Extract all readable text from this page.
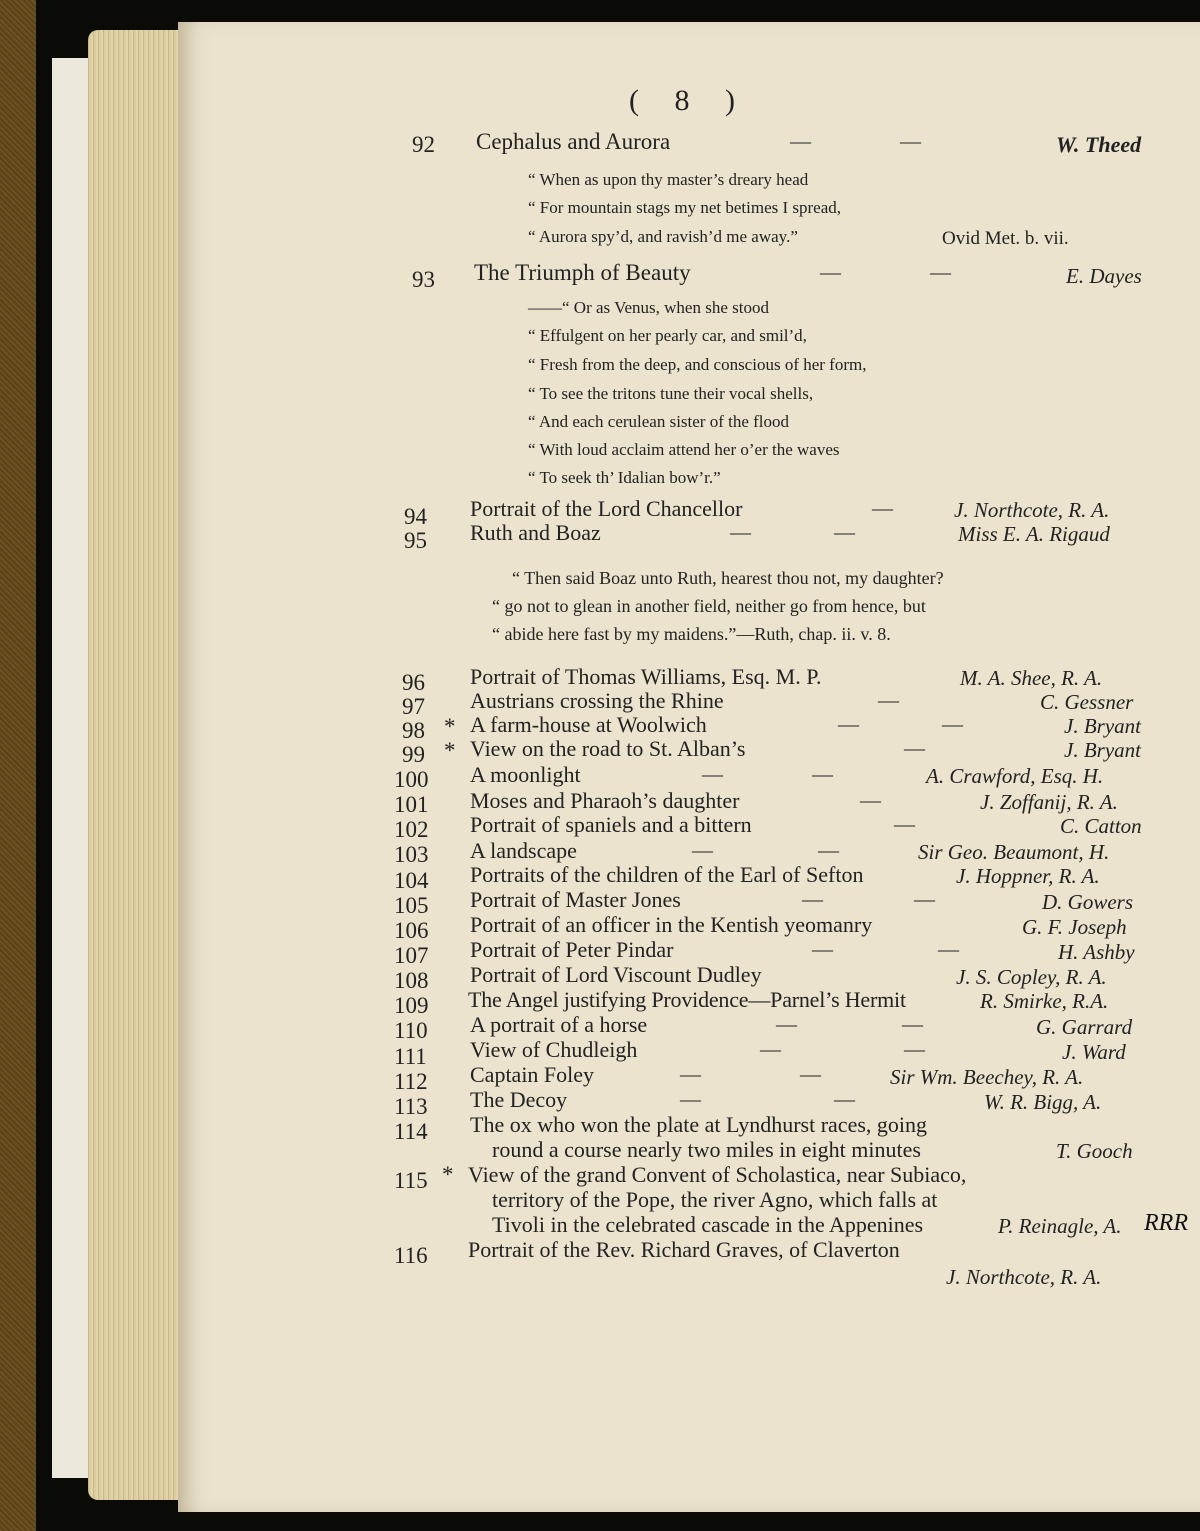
( 8 )
92 Cephalus and Aurora	—	—	W. Theed
“ When as upon thy master’s dreary head
“ For mountain stags my net betimes I spread,
“ Aurora spy’d, and ravish’d me away.”	Ovid Met. b. vii.
93 The Triumph of Beauty	—	—	E. Dayes
——“ Or as Venus, when she stood
“ Effulgent on her pearly car, and smil’d,
“ Fresh from the deep, and conscious of her form,
“ To see the tritons tune their vocal shells,
“ And each cerulean sister of the flood
“ With loud acclaim attend her o’er the waves
“ To seek th’ Idalian bow’r.”
94 Portrait of the Lord Chancellor	—	J. Northcote, R. A.
95 Ruth and Boaz	—	—	Miss E. A. Rigaud
“ Then said Boaz unto Ruth, hearest thou not, my daughter?
“ go not to glean in another field, neither go from hence, but
“ abide here fast by my maidens.”—Ruth, chap. ii. v. 8.
96 Portrait of Thomas Williams, Esq. M. P.	M. A. Shee, R. A.
97 Austrians crossing the Rhine	—	C. Gessner
98 * A farm-house at Woolwich	—	—	J. Bryant
99 * View on the road to St. Alban’s	—	J. Bryant
100 A moonlight	—	—	A. Crawford, Esq. H.
101 Moses and Pharaoh’s daughter	—	J. Zoffanij, R. A.
102 Portrait of spaniels and a bittern	—	C. Catton
103 A landscape	—	—	Sir Geo. Beaumont, H.
104 Portraits of the children of the Earl of Sefton	J. Hoppner, R. A.
105 Portrait of Master Jones	—	—	D. Gowers
106 Portrait of an officer in the Kentish yeomanry	G. F. Joseph
107 Portrait of Peter Pindar	—	—	H. Ashby
108 Portrait of Lord Viscount Dudley	J. S. Copley, R. A.
109 The Angel justifying Providence—Parnel’s Hermit	R. Smirke, R.A.
110 A portrait of a horse	—	—	G. Garrard
111 View of Chudleigh	—	—	J. Ward
112 Captain Foley	—	—	Sir Wm. Beechey, R. A.
113 The Decoy	—	—	W. R. Bigg, A.
114 The ox who won the plate at Lyndhurst races, going
round a course nearly two miles in eight minutes	T. Gooch
115 * View of the grand Convent of Scholastica, near Subiaco,
territory of the Pope, the river Agno, which falls at
Tivoli in the celebrated cascade in the Appenines	P. Reinagle, A. RRR
116 Portrait of the Rev. Richard Graves, of Claverton
J. Northcote, R. A.
